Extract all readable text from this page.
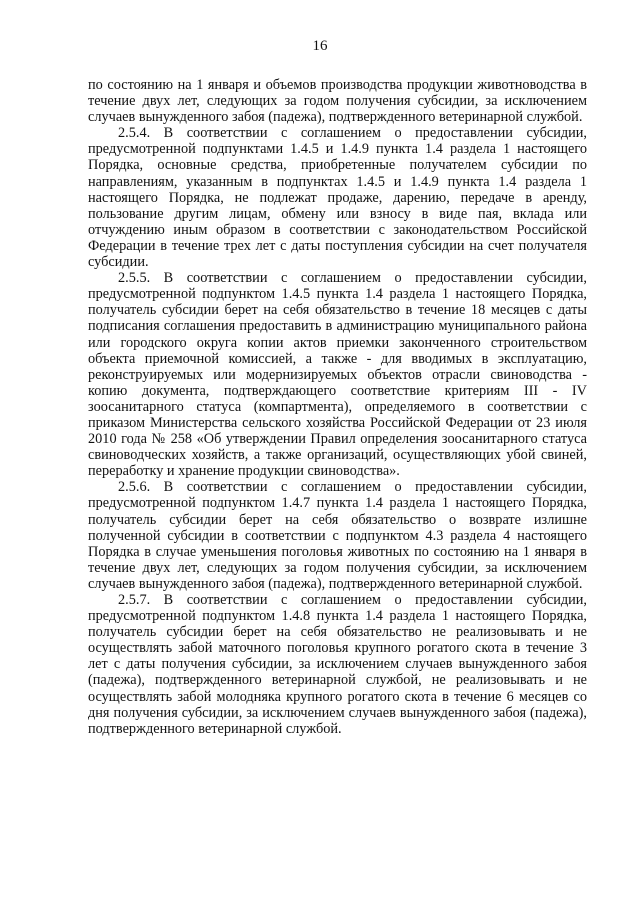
16

по состоянию на 1 января и объемов производства продукции животноводства в течение двух лет, следующих за годом получения субсидии, за исключением случаев вынужденного забоя (падежа), подтвержденного ветеринарной службой.

2.5.4. В соответствии с соглашением о предоставлении субсидии, предусмотренной подпунктами 1.4.5 и 1.4.9 пункта 1.4 раздела 1 настоящего Порядка, основные средства, приобретенные получателем субсидии по направлениям, указанным в подпунктах 1.4.5 и 1.4.9 пункта 1.4 раздела 1 настоящего Порядка, не подлежат продаже, дарению, передаче в аренду, пользование другим лицам, обмену или взносу в виде пая, вклада или отчуждению иным образом в соответствии с законодательством Российской Федерации в течение трех лет с даты поступления субсидии на счет получателя субсидии.

2.5.5. В соответствии с соглашением о предоставлении субсидии, предусмотренной подпунктом 1.4.5 пункта 1.4 раздела 1 настоящего Порядка, получатель субсидии берет на себя обязательство в течение 18 месяцев с даты подписания соглашения предоставить в администрацию муниципального района или городского округа копии актов приемки законченного строительством объекта приемочной комиссией, а также - для вводимых в эксплуатацию, реконструируемых или модернизируемых объектов отрасли свиноводства - копию документа, подтверждающего соответствие критериям III - IV зоосанитарного статуса (компартмента), определяемого в соответствии с приказом Министерства сельского хозяйства Российской Федерации от 23 июля 2010 года № 258 «Об утверждении Правил определения зоосанитарного статуса свиноводческих хозяйств, а также организаций, осуществляющих убой свиней, переработку и хранение продукции свиноводства».

2.5.6. В соответствии с соглашением о предоставлении субсидии, предусмотренной подпунктом 1.4.7 пункта 1.4 раздела 1 настоящего Порядка, получатель субсидии берет на себя обязательство о возврате излишне полученной субсидии в соответствии с подпунктом 4.3 раздела 4 настоящего Порядка в случае уменьшения поголовья животных по состоянию на 1 января в течение двух лет, следующих за годом получения субсидии, за исключением случаев вынужденного забоя (падежа), подтвержденного ветеринарной службой.

2.5.7. В соответствии с соглашением о предоставлении субсидии, предусмотренной подпунктом 1.4.8 пункта 1.4 раздела 1 настоящего Порядка, получатель субсидии берет на себя обязательство не реализовывать и не осуществлять забой маточного поголовья крупного рогатого скота в течение 3 лет с даты получения субсидии, за исключением случаев вынужденного забоя (падежа), подтвержденного ветеринарной службой, не реализовывать и не осуществлять забой молодняка крупного рогатого скота в течение 6 месяцев со дня получения субсидии, за исключением случаев вынужденного забоя (падежа), подтвержденного ветеринарной службой.
